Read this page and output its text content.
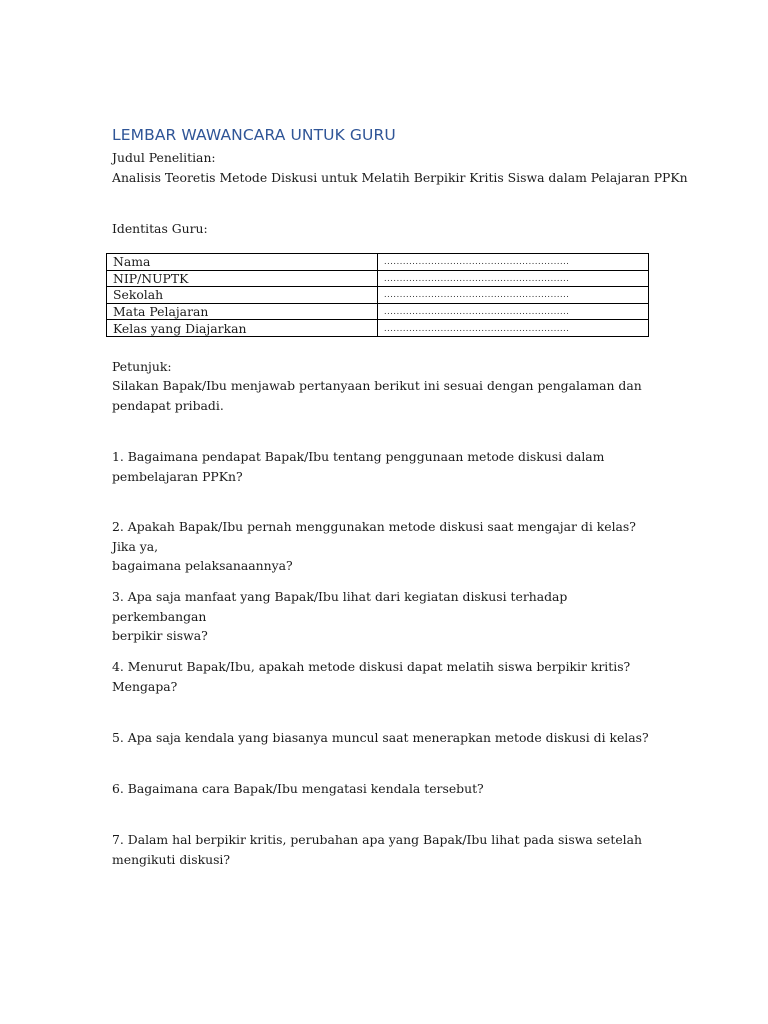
LEMBAR WAWANCARA UNTUK GURU
Judul Penelitian:
Analisis Teoretis Metode Diskusi untuk Melatih Berpikir Kritis Siswa dalam Pelajaran PPKn
Identitas Guru:
Nama	...........................................................
NIP/NUPTK	...........................................................
Sekolah	...........................................................
Mata Pelajaran	...........................................................
Kelas yang Diajarkan	...........................................................
Petunjuk:
Silakan Bapak/Ibu menjawab pertanyaan berikut ini sesuai dengan pengalaman dan
pendapat pribadi.
1. Bagaimana pendapat Bapak/Ibu tentang penggunaan metode diskusi dalam
pembelajaran PPKn?
2. Apakah Bapak/Ibu pernah menggunakan metode diskusi saat mengajar di kelas? Jika ya,
bagaimana pelaksanaannya?
3. Apa saja manfaat yang Bapak/Ibu lihat dari kegiatan diskusi terhadap perkembangan
berpikir siswa?
4. Menurut Bapak/Ibu, apakah metode diskusi dapat melatih siswa berpikir kritis?
Mengapa?
5. Apa saja kendala yang biasanya muncul saat menerapkan metode diskusi di kelas?
6. Bagaimana cara Bapak/Ibu mengatasi kendala tersebut?
7. Dalam hal berpikir kritis, perubahan apa yang Bapak/Ibu lihat pada siswa setelah
mengikuti diskusi?
